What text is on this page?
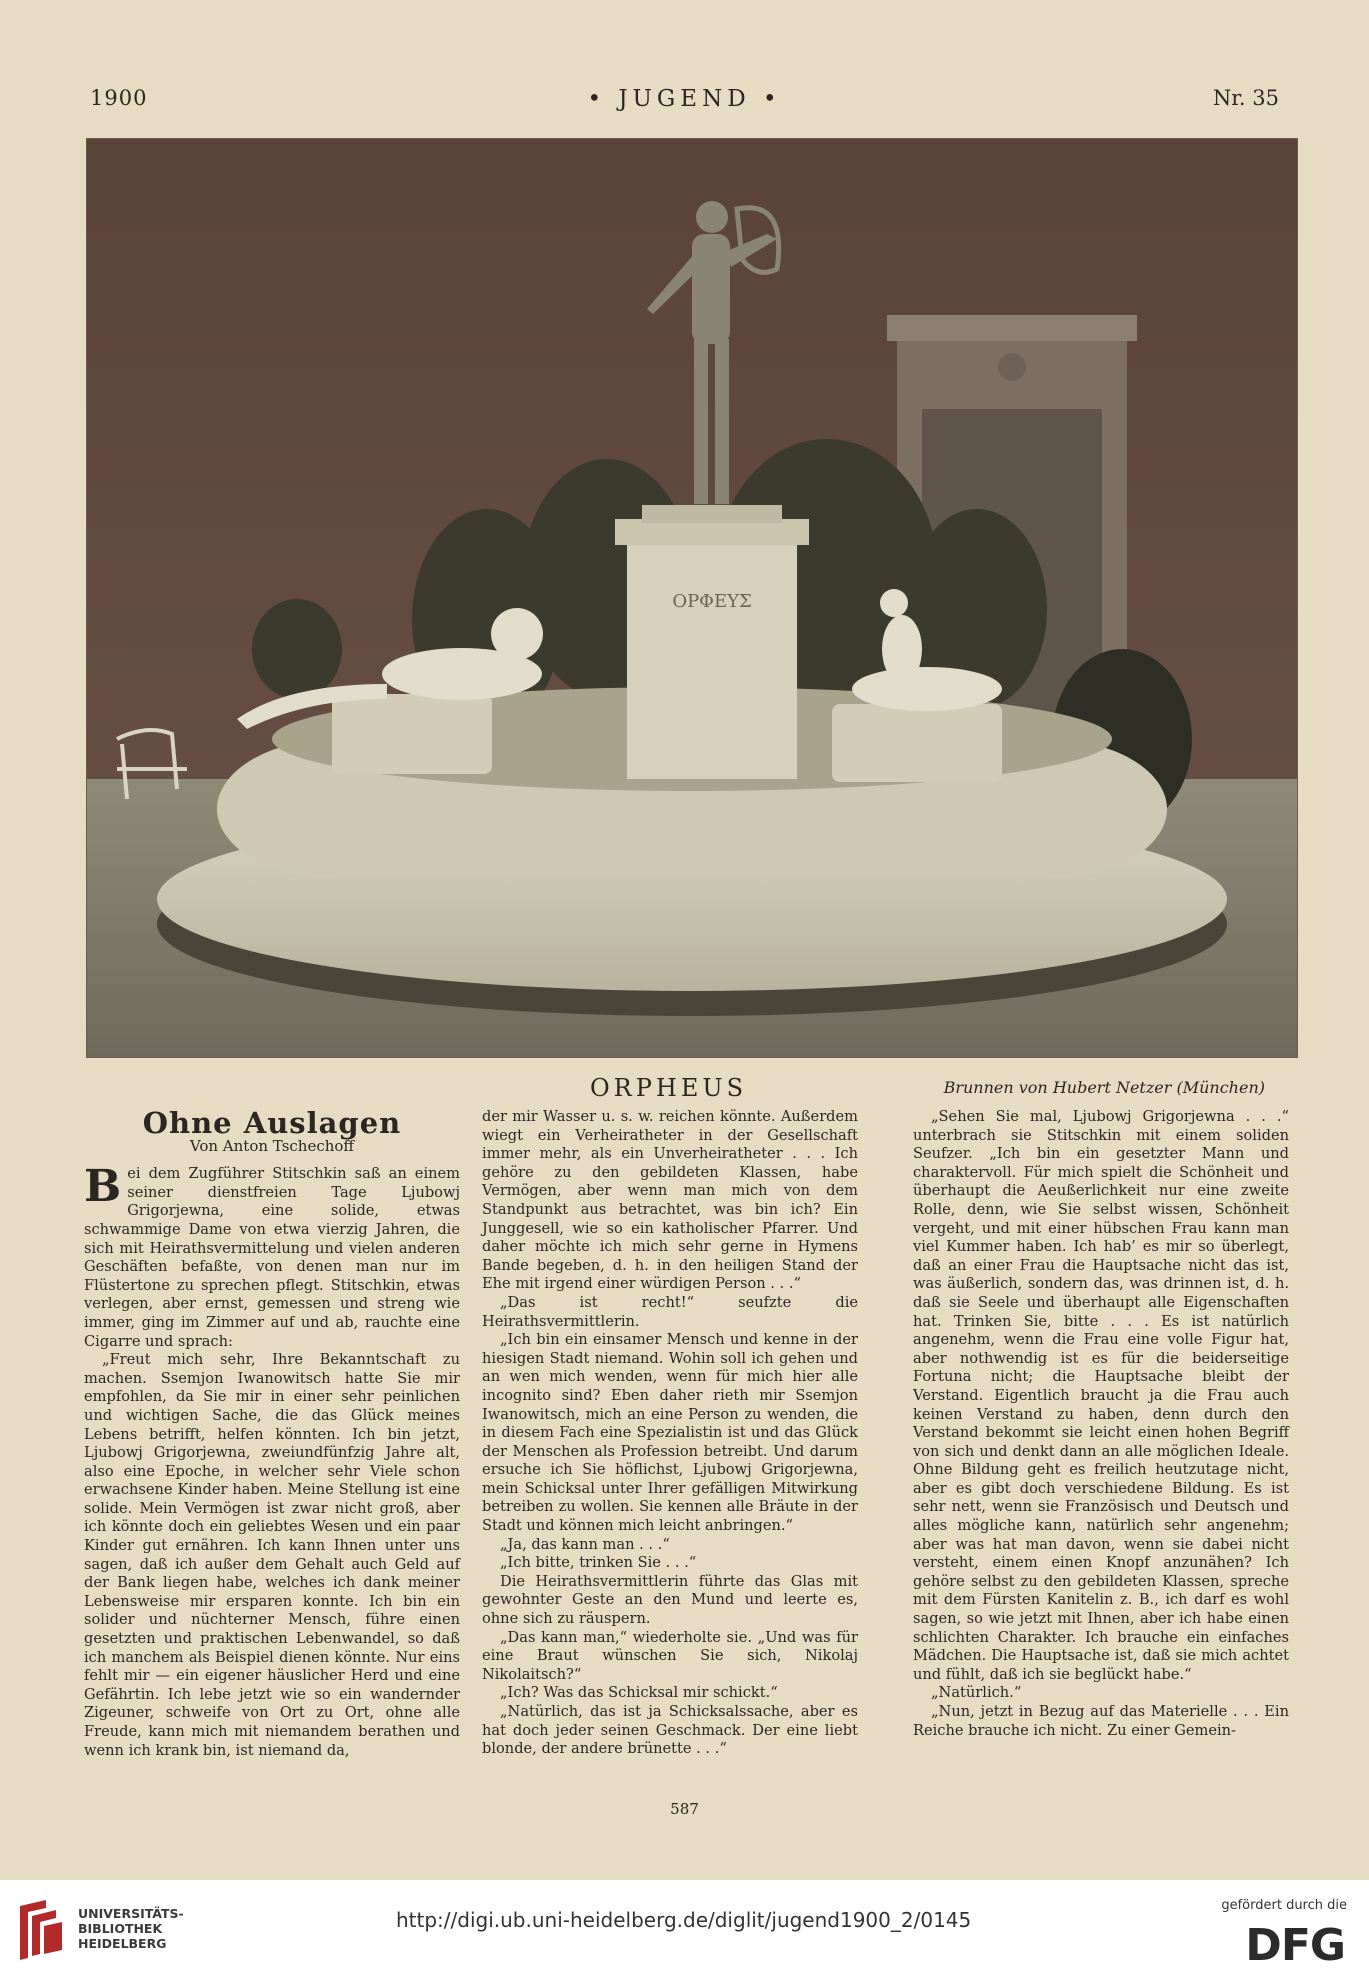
1900	• JUGEND •	Nr. 35
ΟΡΦΕΥΣ
ORPHEUS	Brunnen von Hubert Netzer (München)
Ohne Auslagen
Von Anton Tschechoff

Bei dem Zugführer Stitschkin saß an einem seiner dienstfreien Tage Ljubowj Grigorjewna, eine solide, etwas schwammige Dame von etwa vierzig Jahren, die sich mit Heirathsvermittelung und vielen anderen Geschäften befaßte, von denen man nur im Flüstertone zu sprechen pflegt. Stitschkin, etwas verlegen, aber ernst, gemessen und streng wie immer, ging im Zimmer auf und ab, rauchte eine Cigarre und sprach:

„Freut mich sehr, Ihre Bekanntschaft zu machen. Ssemjon Iwanowitsch hatte Sie mir empfohlen, da Sie mir in einer sehr peinlichen und wichtigen Sache, die das Glück meines Lebens betrifft, helfen könnten. Ich bin jetzt, Ljubowj Grigorjewna, zweiundfünfzig Jahre alt, also eine Epoche, in welcher sehr Viele schon erwachsene Kinder haben. Meine Stellung ist eine solide. Mein Vermögen ist zwar nicht groß, aber ich könnte doch ein geliebtes Wesen und ein paar Kinder gut ernähren. Ich kann Ihnen unter uns sagen, daß ich außer dem Gehalt auch Geld auf der Bank liegen habe, welches ich dank meiner Lebensweise mir ersparen konnte. Ich bin ein solider und nüchterner Mensch, führe einen gesetzten und praktischen Lebenwandel, so daß ich manchem als Beispiel dienen könnte. Nur eins fehlt mir — ein eigener häuslicher Herd und eine Gefährtin. Ich lebe jetzt wie so ein wandernder Zigeuner, schweife von Ort zu Ort, ohne alle Freude, kann mich mit niemandem berathen und wenn ich krank bin, ist niemand da,

der mir Wasser u. s. w. reichen könnte. Außerdem wiegt ein Verheiratheter in der Gesellschaft immer mehr, als ein Unverheiratheter . . . Ich gehöre zu den gebildeten Klassen, habe Vermögen, aber wenn man mich von dem Standpunkt aus betrachtet, was bin ich? Ein Junggesell, wie so ein katholischer Pfarrer. Und daher möchte ich mich sehr gerne in Hymens Bande begeben, d. h. in den heiligen Stand der Ehe mit irgend einer würdigen Person . . .“

„Das ist recht!“ seufzte die Heirathsvermittlerin.

„Ich bin ein einsamer Mensch und kenne in der hiesigen Stadt niemand. Wohin soll ich gehen und an wen mich wenden, wenn für mich hier alle incognito sind? Eben daher rieth mir Ssemjon Iwanowitsch, mich an eine Person zu wenden, die in diesem Fach eine Spezialistin ist und das Glück der Menschen als Profession betreibt. Und darum ersuche ich Sie höflichst, Ljubowj Grigorjewna, mein Schicksal unter Ihrer gefälligen Mitwirkung betreiben zu wollen. Sie kennen alle Bräute in der Stadt und können mich leicht anbringen.“

„Ja, das kann man . . .“

„Ich bitte, trinken Sie . . .“

Die Heirathsvermittlerin führte das Glas mit gewohnter Geste an den Mund und leerte es, ohne sich zu räuspern.

„Das kann man,“ wiederholte sie. „Und was für eine Braut wünschen Sie sich, Nikolaj Nikolaitsch?“

„Ich? Was das Schicksal mir schickt.“

„Natürlich, das ist ja Schicksalssache, aber es hat doch jeder seinen Geschmack. Der eine liebt blonde, der andere brünette . . .“

„Sehen Sie mal, Ljubowj Grigorjewna . . .“ unterbrach sie Stitschkin mit einem soliden Seufzer. „Ich bin ein gesetzter Mann und charaktervoll. Für mich spielt die Schönheit und überhaupt die Aeußerlichkeit nur eine zweite Rolle, denn, wie Sie selbst wissen, Schönheit vergeht, und mit einer hübschen Frau kann man viel Kummer haben. Ich hab’ es mir so überlegt, daß an einer Frau die Hauptsache nicht das ist, was äußerlich, sondern das, was drinnen ist, d. h. daß sie Seele und überhaupt alle Eigenschaften hat. Trinken Sie, bitte . . . Es ist natürlich angenehm, wenn die Frau eine volle Figur hat, aber nothwendig ist es für die beiderseitige Fortuna nicht; die Hauptsache bleibt der Verstand. Eigentlich braucht ja die Frau auch keinen Verstand zu haben, denn durch den Verstand bekommt sie leicht einen hohen Begriff von sich und denkt dann an alle möglichen Ideale. Ohne Bildung geht es freilich heutzutage nicht, aber es gibt doch verschiedene Bildung. Es ist sehr nett, wenn sie Französisch und Deutsch und alles mögliche kann, natürlich sehr angenehm; aber was hat man davon, wenn sie dabei nicht versteht, einem einen Knopf anzunähen? Ich gehöre selbst zu den gebildeten Klassen, spreche mit dem Fürsten Kanitelin z. B., ich darf es wohl sagen, so wie jetzt mit Ihnen, aber ich habe einen schlichten Charakter. Ich brauche ein einfaches Mädchen. Die Hauptsache ist, daß sie mich achtet und fühlt, daß ich sie beglückt habe.“

„Natürlich.“

„Nun, jetzt in Bezug auf das Materielle . . . Ein Reiche brauche ich nicht. Zu einer Gemein-

587
UNIVERSITÄTS-
BIBLIOTHEK
HEIDELBERG
http://digi.ub.uni-heidelberg.de/diglit/jugend1900_2/0145
gefördert durch die
DFG
